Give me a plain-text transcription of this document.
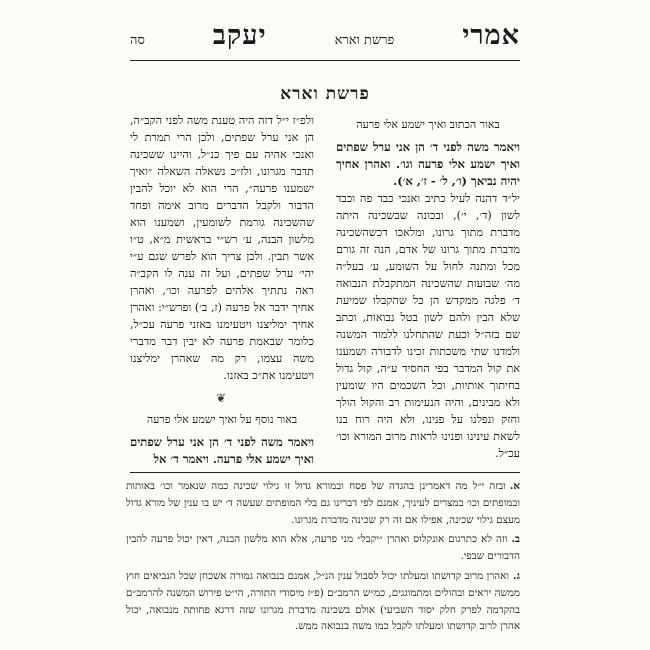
אמרי
פרשת וארא
יעקב
סה
פרשת וארא
באור הכתוב ואיך ישמע אלי פרעה
ויאמר משה לפני ד׳ הן אני ערל שפתים ואיך ישמע אלי פרעה וגו׳. ואהרן אחיך יהיה נביאך (ו׳, ל׳ - ז׳, א׳).

יל״ד דהנה לעיל כתיב ואנכי כבד פה וכבד לשון (ד׳, י׳), ובכונה שבשכינה היתה מדברת מתוך גרונו, ומלאכו דכשהשכינה מדברת מתוך גרונו של אדם, הנה זה גורם מכל ומתנה לחול על השומע, ע׳ בעל״ה מה׳ שבועות שהשכינה המתקבלת הנבואה ד׳ פלגה ממקדש הן כל שהקבלו שמיעת שלא הבין ולהם לשון בטל נבואות, וכתב שם בזה״ל וכעת שהתחלנו ללמוד המשנה ולמדנו שתי משכתות זכינו לדבורה ושמענו את קול המדבר בפי החסיד ע״ה, קול גדול בחיתוך אותיות, וכל השכמים היו שומעין ולא מבינים, והיה הנעימות רב והקול הולך וחזק ונפלנו על פנינו, ולא היה רוח בנו לשאת עינינו ופנינו לראות מרוב המורא וכו׳ עכ״ל.

ולפ״ז י״ל דזה היה טענת משה לפני הקב״ה, הן אני ערל שפתים, ולכן הרי תמרת לי ואנכי אהיה עם פיך כנ״ל, והיינו ששכינה תדבר מגרונו, ולז״כ נשאלה השאלה ״ואיך ישמענו פרעה״, הרי הוא לא יוכל להבין הדבור ולקבל הדברים מרוב אימה ופחד שהשכינה גורמת לשומעין, ושמענו הוא מלשון הבנה, ע׳ רש״י בראשית מ״א, ט״ו אשר תבין. ולכן צריך הוא לפרש שגם ע״י יהי׳ ערל שפתים, ועל זה ענה לו הקב״ה ראה נתתיך אלהים לפרעה וכו׳, ואהרן אחיך ידבר אל פרעה (ז, ב׳) ופרש״י: ואהרן אחיך ימליצנו ויטעימנו באזני פרעה עכ״ל, כלומר שבאמת פרעה לא יבין דבר מדברי משה עצמו, רק מה שאהרן ימליצנו ויטעימנו את״כ באזנו.

❦
באור נוסף על ואיך ישמע אלי פרעה
ויאמר משה לפני ד׳ הן אני ערל שפתים ואיך ישמע אלי פרעה. ויאמר ד׳ אל

א.ובזה י״ל מה דאמרינן בהגדה של פסח ובמורא גדול זו גילוי שכינה כמה שנאמר וכו׳ באותות ובמופתים וכו׳ במצרים לעיניך, אמנם לפי דברינו גם בלי המופתים שעשה ד׳ יש בו ענין של מורא גדול מעצם גילוי שכינה, אפילו אם זה רק שכינה מדברת מגרונו.

ב.וזה לא כתרגום אונקלוס ואהרן ״יקבל״ מני פרעה, אלא הוא מלשון הבנה, דאין יכול פרעה להבין הדבורים שבפי.

ג.ואהרן מרוב קדושתו ומעלתו יכול לסבול ענין הנ״ל, אמנם בנבואה גמורה אשכחן שכל הנביאים חוץ ממשה יראים ובהולים ומתמוגגים, כמ״ש הרמב״ם (פ״ז מיסודי התורה, הי״ט פירוש המשנה להרמב״ם בהקדמה לפרק חלק יסוד השביעי) אולם בשכינה מדברת מגרונו שזה דרגא פחותה מנבואה, יכול אהרן לרוב קדושתו ומעלתו לקבל כמו משה בנבואה ממש.
